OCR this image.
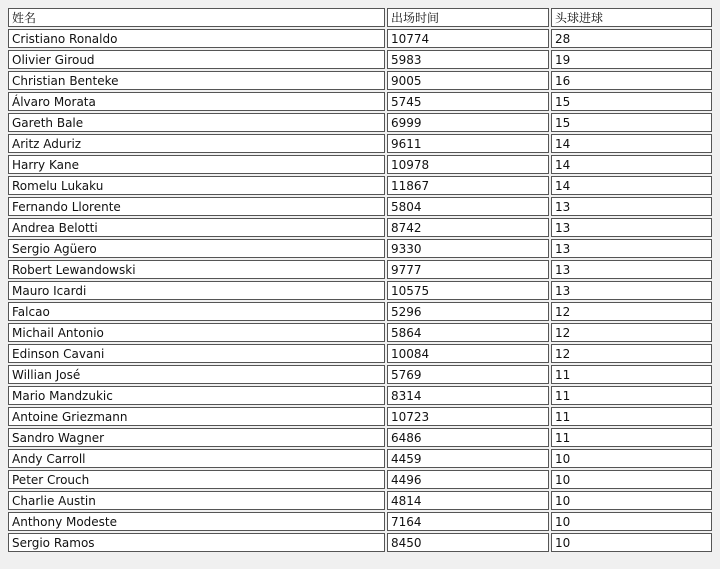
姓名	出场时间	头球进球
Cristiano Ronaldo	10774	28
Olivier Giroud	5983	19
Christian Benteke	9005	16
Álvaro Morata	5745	15
Gareth Bale	6999	15
Aritz Aduriz	9611	14
Harry Kane	10978	14
Romelu Lukaku	11867	14
Fernando Llorente	5804	13
Andrea Belotti	8742	13
Sergio Agüero	9330	13
Robert Lewandowski	9777	13
Mauro Icardi	10575	13
Falcao	5296	12
Michail Antonio	5864	12
Edinson Cavani	10084	12
Willian José	5769	11
Mario Mandzukic	8314	11
Antoine Griezmann	10723	11
Sandro Wagner	6486	11
Andy Carroll	4459	10
Peter Crouch	4496	10
Charlie Austin	4814	10
Anthony Modeste	7164	10
Sergio Ramos	8450	10
